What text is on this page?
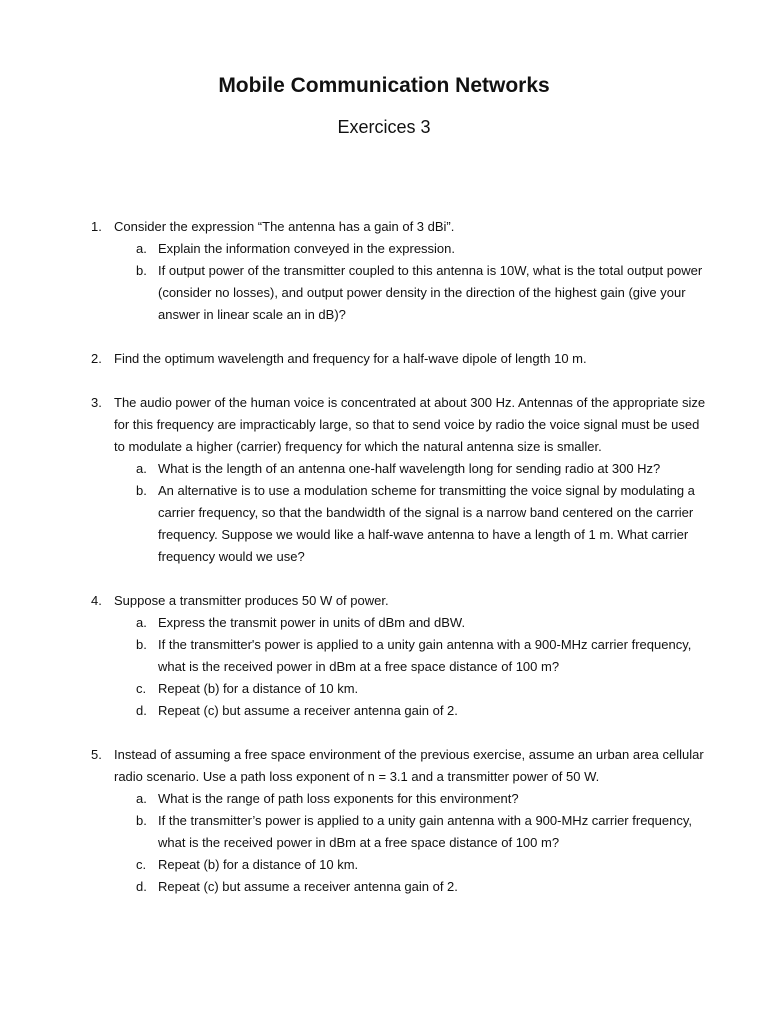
Mobile Communication Networks
Exercices 3
1. Consider the expression “The antenna has a gain of 3 dBi”.
a. Explain the information conveyed in the expression.
b. If output power of the transmitter coupled to this antenna is 10W, what is the total output power (consider no losses), and output power density in the direction of the highest gain (give your answer in linear scale an in dB)?
2. Find the optimum wavelength and frequency for a half-wave dipole of length 10 m.
3. The audio power of the human voice is concentrated at about 300 Hz. Antennas of the appropriate size for this frequency are impracticably large, so that to send voice by radio the voice signal must be used to modulate a higher (carrier) frequency for which the natural antenna size is smaller.
a. What is the length of an antenna one-half wavelength long for sending radio at 300 Hz?
b. An alternative is to use a modulation scheme for transmitting the voice signal by modulating a carrier frequency, so that the bandwidth of the signal is a narrow band centered on the carrier frequency. Suppose we would like a half-wave antenna to have a length of 1 m. What carrier frequency would we use?
4. Suppose a transmitter produces 50 W of power.
a. Express the transmit power in units of dBm and dBW.
b. If the transmitter's power is applied to a unity gain antenna with a 900-MHz carrier frequency, what is the received power in dBm at a free space distance of 100 m?
c. Repeat (b) for a distance of 10 km.
d. Repeat (c) but assume a receiver antenna gain of 2.
5. Instead of assuming a free space environment of the previous exercise, assume an urban area cellular radio scenario. Use a path loss exponent of n = 3.1 and a transmitter power of 50 W.
a. What is the range of path loss exponents for this environment?
b. If the transmitter’s power is applied to a unity gain antenna with a 900-MHz carrier frequency, what is the received power in dBm at a free space distance of 100 m?
c. Repeat (b) for a distance of 10 km.
d. Repeat (c) but assume a receiver antenna gain of 2.
